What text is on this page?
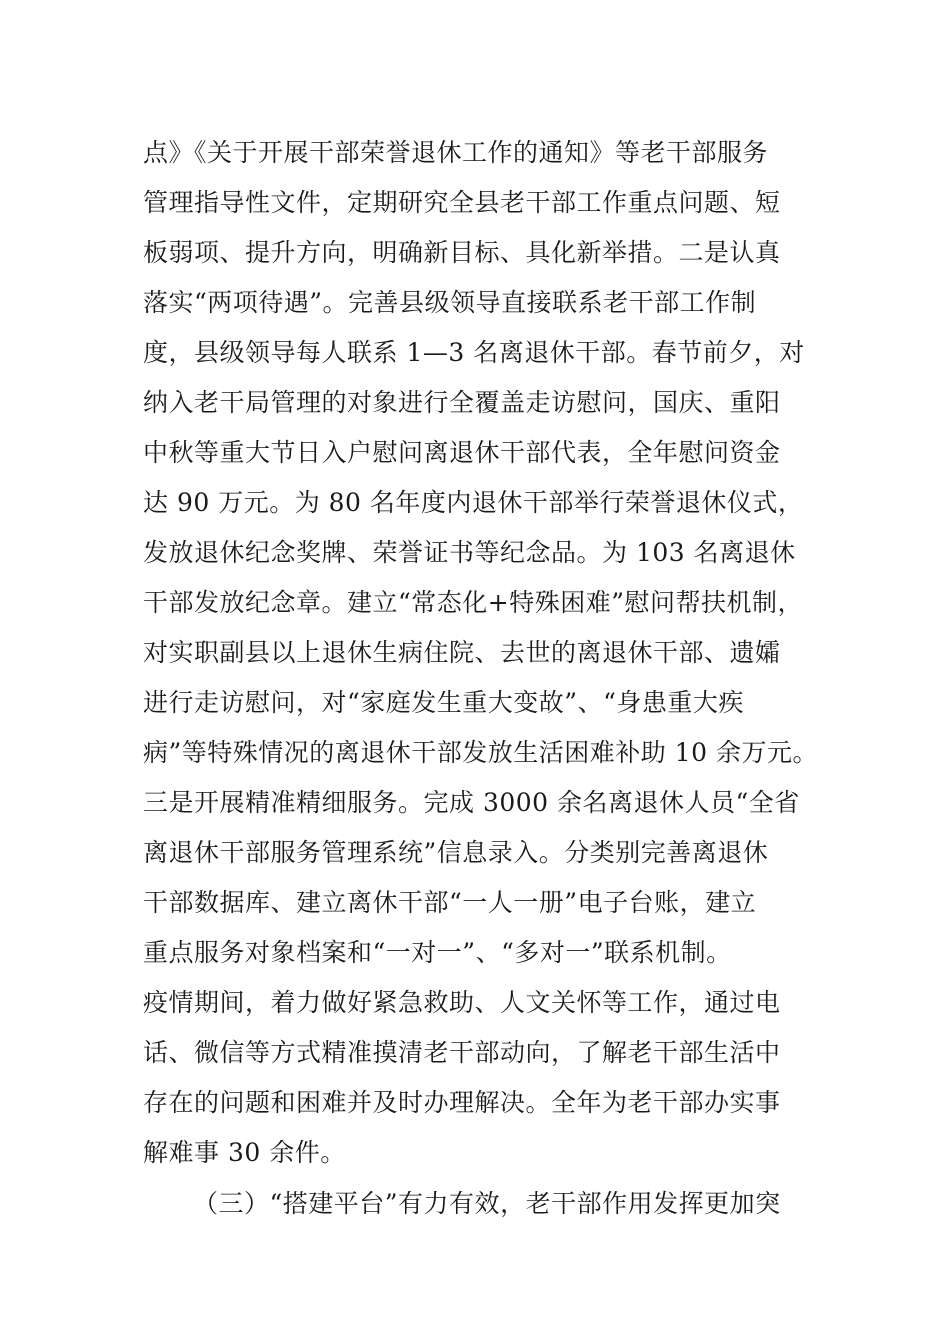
点》《关于开展干部荣誉退休工作的通知》等老干部服务
管理指导性文件，定期研究全县老干部工作重点问题、短
板弱项、提升方向，明确新目标、具化新举措。二是认真
落实“两项待遇”。完善县级领导直接联系老干部工作制
度，县级领导每人联系 1—3 名离退休干部。春节前夕，对
纳入老干局管理的对象进行全覆盖走访慰问，国庆、重阳
中秋等重大节日入户慰问离退休干部代表，全年慰问资金
达 90 万元。为 80 名年度内退休干部举行荣誉退休仪式，
发放退休纪念奖牌、荣誉证书等纪念品。为 103 名离退休
干部发放纪念章。建立“常态化+特殊困难”慰问帮扶机制，
对实职副县以上退休生病住院、去世的离退休干部、遗孀
进行走访慰问，对“家庭发生重大变故”、“身患重大疾
病”等特殊情况的离退休干部发放生活困难补助 10 余万元。
三是开展精准精细服务。完成 3000 余名离退休人员“全省
离退休干部服务管理系统”信息录入。分类别完善离退休
干部数据库、建立离休干部“一人一册”电子台账，建立
重点服务对象档案和“一对一”、“多对一”联系机制。
疫情期间，着力做好紧急救助、人文关怀等工作，通过电
话、微信等方式精准摸清老干部动向，了解老干部生活中
存在的问题和困难并及时办理解决。全年为老干部办实事
解难事 30 余件。
（三）“搭建平台”有力有效，老干部作用发挥更加突
